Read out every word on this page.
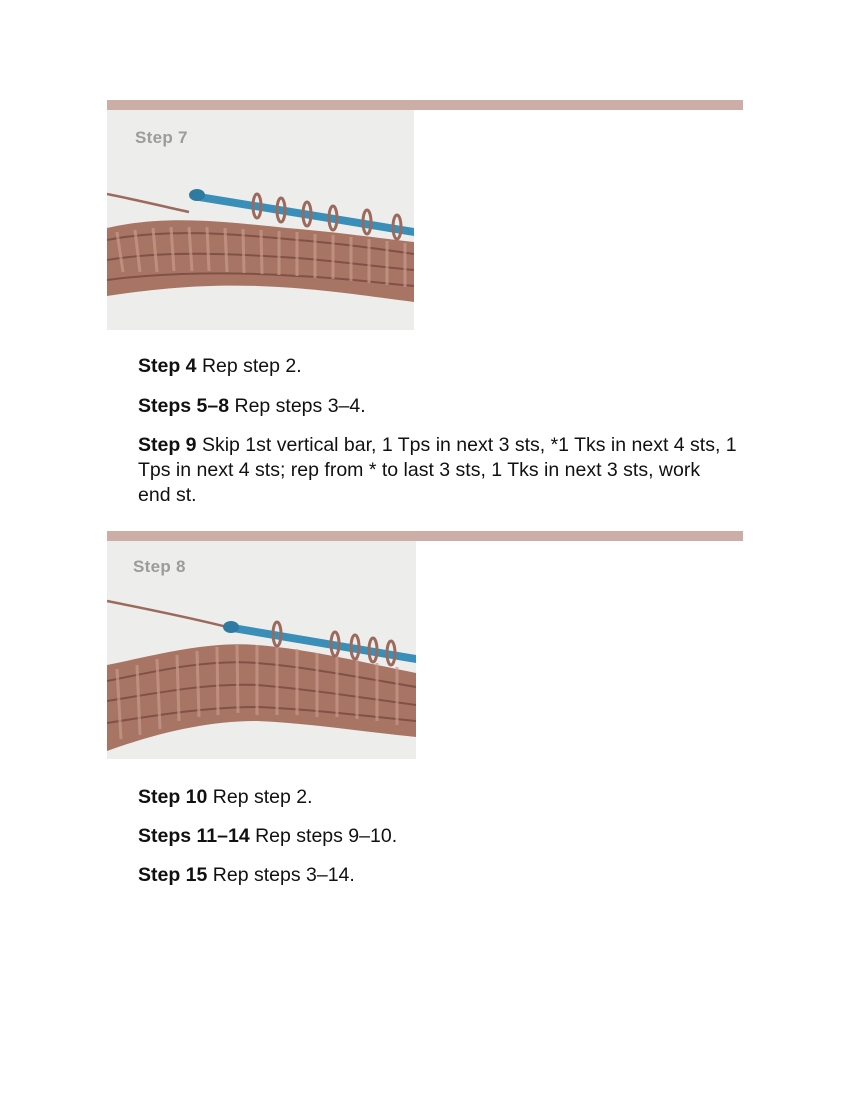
Step 7

Step 4 Rep step 2.

Steps 5–8 Rep steps 3–4.

Step 9 Skip 1st vertical bar, 1 Tps in next 3 sts, *1 Tks in next 4 sts, 1 Tps in next 4 sts; rep from * to last 3 sts, 1 Tks in next 3 sts, work end st.

Step 8

Step 10 Rep step 2.

Steps 11–14 Rep steps 9–10.

Step 15 Rep steps 3–14.
